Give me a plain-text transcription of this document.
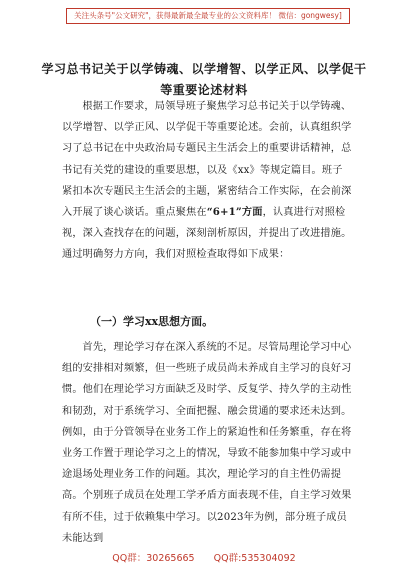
关注头条号"公文研究"，获得最新最全最专业的公文资料库！ 微信：gongwesy]
学习总书记关于以学铸魂、以学增智、以学正风、以学促干
等重要论述材料

根据工作要求，局领导班子聚焦学习总书记关于以学铸魂、以学增智、以学正风、以学促干等重要论述。会前，认真组织学习了总书记在中央政治局专题民主生活会上的重要讲话精神，总书记有关党的建设的重要思想，以及《xx》等规定篇目。班子紧扣本次专题民主生活会的主题，紧密结合工作实际，在会前深入开展了谈心谈话。重点聚焦在“6+1”方面，认真进行对照检视，深入查找存在的问题，深刻剖析原因，并提出了改进措施。通过明确努力方向，我们对照检查取得如下成果：

（一）学习xx思想方面。

首先，理论学习存在深入系统的不足。尽管局理论学习中心组的安排相对频繁，但一些班子成员尚未养成自主学习的良好习惯。他们在理论学习方面缺乏及时学、反复学、持久学的主动性和韧劲，对于系统学习、全面把握、融会贯通的要求还未达到。例如，由于分管领导在业务工作上的紧迫性和任务繁重，存在将业务工作置于理论学习之上的情况，导致不能参加集中学习或中途退场处理业务工作的问题。其次，理论学习的自主性仍需提高。个别班子成员在处理工学矛盾方面表现不佳，自主学习效果有所不佳，过于依赖集中学习。以2023年为例，部分班子成员未能达到

QQ群：30265665 QQ群:535304092
